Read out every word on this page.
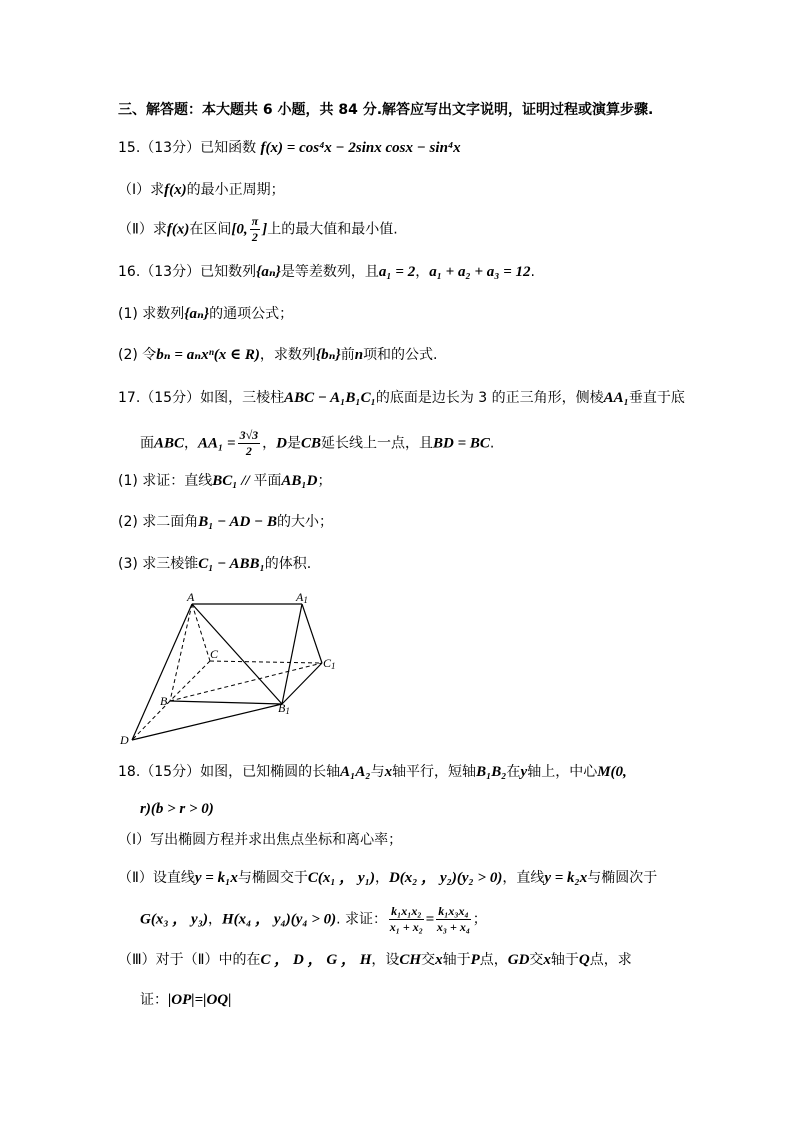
三、解答题：本大题共 6 小题，共 84 分.解答应写出文字说明，证明过程或演算步骤.
15.（13分）已知函数 f(x) = cos⁴x − 2sinx cosx − sin⁴x
（Ⅰ）求f(x)的最小正周期；
（Ⅱ）求f(x)在区间[0, $\frac{\pi}{2}$ ]上的最大值和最小值.
16.（13分）已知数列{aₙ}是等差数列，且a₁ = 2，a₁ + a₂ + a₃ = 12.
(1) 求数列{aₙ}的通项公式；
(2) 令bₙ = aₙxⁿ(x ∈ R)，求数列{bₙ}前n项和的公式.
17.（15分）如图，三棱柱ABC − A₁B₁C₁的底面是边长为 3 的正三角形，侧棱AA₁垂直于底
面ABC，$AA_1 = \frac{3√3}{2}$ ，D是CB延长线上一点，且BD = BC.
(1) 求证：直线BC₁ // 平面AB₁D；
(2) 求二面角B₁ − AD − B的大小；
(3) 求三棱锥C₁ − ABB₁的体积.
A	A1
C
C1
B	B1
D
18.（15分）如图，已知椭圆的长轴A₁A₂与x轴平行，短轴B₁B₂在y轴上，中心M(0,
r)(b > r > 0)
（Ⅰ）写出椭圆方程并求出焦点坐标和离心率；
（Ⅱ）设直线y = k₁x与椭圆交于C(x₁ ， y₁)，D(x₂ ， y₂)(y₂ > 0)，直线y = k₂x与椭圆次于
G(x₃ ， y₃)，H(x₄ ， y₄)(y₄ > 0). 求证： $\frac{\text{k₁x₁x₂}}{\text{x₁ + x₂}} = \frac{\text{k₁x₃x₄}}{\text{x₃ + x₄}}$ ；
（Ⅲ）对于（Ⅱ）中的在C ， D ， G ， H，设CH交x轴于P点，GD交x轴于Q点，求
证：|OP|=|OQ|
